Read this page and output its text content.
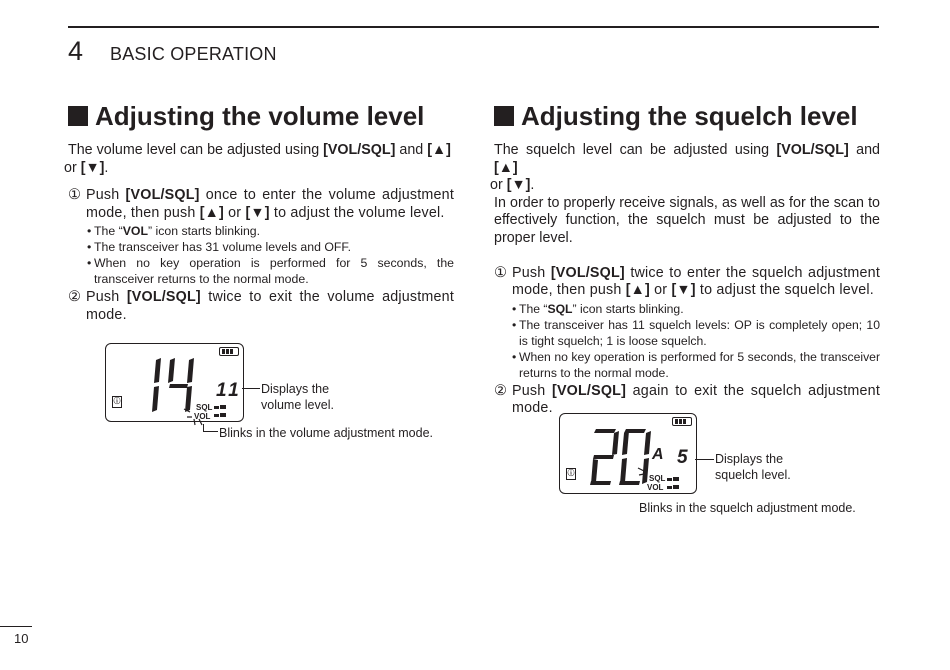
4 BASIC OPERATION
Adjusting the volume level

The volume level can be adjusted using [VOL/SQL] and [▲]
or [▼].

① Push [VOL/SQL] once to enter the volume adjustment mode, then push [▲] or [▼] to adjust the volume level.
• The “VOL” icon starts blinking.
• The transceiver has 31 volume levels and OFF.
• When no key operation is performed for 5 seconds, the transceiver returns to the normal mode.
② Push [VOL/SQL] twice to exit the volume adjustment mode.
ⓘ
11
SQL
VOL
Displays the volume level.
Blinks in the volume adjustment mode.
Adjusting the squelch level

The squelch level can be adjusted using [VOL/SQL] and [▲]
or [▼].

In order to properly receive signals, as well as for the scan to effectively function, the squelch must be adjusted to the proper level.

① Push [VOL/SQL] twice to enter the squelch adjustment mode, then push [▲] or [▼] to adjust the squelch level.
• The “SQL” icon starts blinking.
• The transceiver has 11 squelch levels: OP is completely open; 10 is tight squelch; 1 is loose squelch.
• When no key operation is performed for 5 seconds, the transceiver returns to the normal mode.
② Push [VOL/SQL] again to exit the squelch adjustment mode.
ⓘ
A 5
SQL
VOL
Displays the squelch level.
Blinks in the squelch adjustment mode.
10
